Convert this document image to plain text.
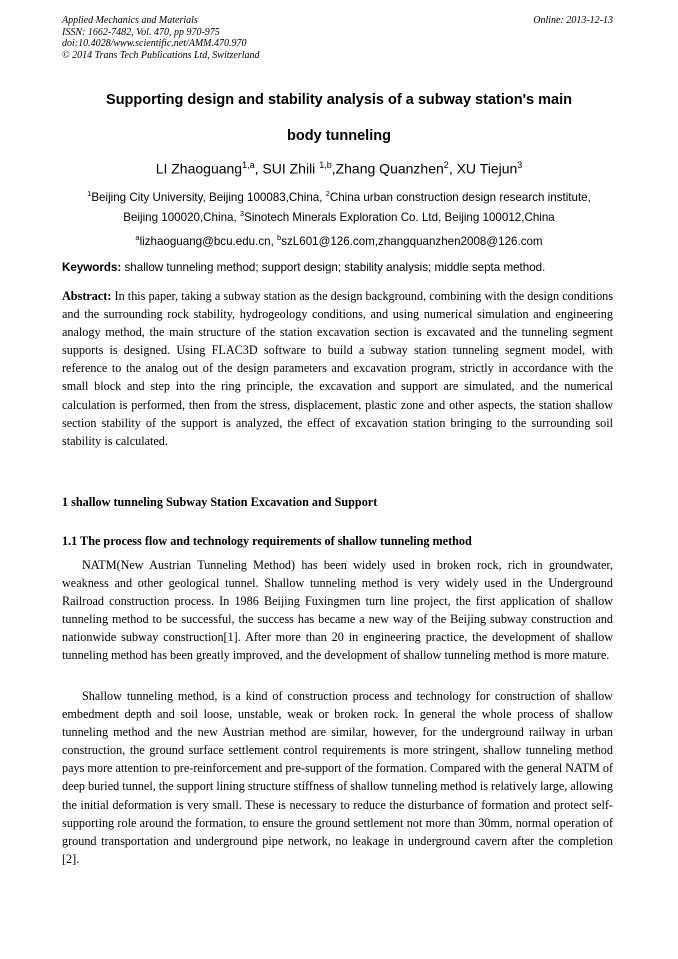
Applied Mechanics and Materials
ISSN: 1662-7482, Vol. 470, pp 970-975
doi:10.4028/www.scientific.net/AMM.470.970
© 2014 Trans Tech Publications Ltd, Switzerland
Online: 2013-12-13
Supporting design and stability analysis of a subway station's main
body tunneling
LI Zhaoguang$^{1,a}$, SUI Zhili $^{1,b}$,Zhang Quanzhen$^2$, XU Tiejun$^3$
$^1$Beijing City University, Beijing 100083,China, $^2$China urban construction design research institute,
Beijing 100020,China, $^3$Sinotech Minerals Exploration Co. Ltd, Beijing 100012,China
$^a$lizhaoguang@bcu.edu.cn, $^b$szL601@126.com,zhangquanzhen2008@126.com
Keywords: shallow tunneling method; support design; stability analysis; middle septa method.
Abstract: In this paper, taking a subway station as the design background, combining with the design conditions and the surrounding rock stability, hydrogeology conditions, and using numerical simulation and engineering analogy method, the main structure of the station excavation section is excavated and the tunneling segment supports is designed. Using FLAC3D software to build a subway station tunneling segment model, with reference to the analog out of the design parameters and excavation program, strictly in accordance with the small block and step into the ring principle, the excavation and support are simulated, and the numerical calculation is performed, then from the stress, displacement, plastic zone and other aspects, the station shallow section stability of the support is analyzed, the effect of excavation station bringing to the surrounding soil stability is calculated.
1 shallow tunneling Subway Station Excavation and Support
1.1 The process flow and technology requirements of shallow tunneling method
NATM(New Austrian Tunneling Method) has been widely used in broken rock, rich in groundwater, weakness and other geological tunnel. Shallow tunneling method is very widely used in the Underground Railroad construction process. In 1986 Beijing Fuxingmen turn line project, the first application of shallow tunneling method to be successful, the success has became a new way of the Beijing subway construction and nationwide subway construction[1]. After more than 20 in engineering practice, the development of shallow tunneling method has been greatly improved, and the development of shallow tunneling method is more mature.
Shallow tunneling method, is a kind of construction process and technology for construction of shallow embedment depth and soil loose, unstable, weak or broken rock. In general the whole process of shallow tunneling method and the new Austrian method are similar, however, for the underground railway in urban construction, the ground surface settlement control requirements is more stringent, shallow tunneling method pays more attention to pre-reinforcement and pre-support of the formation. Compared with the general NATM of deep buried tunnel, the support lining structure stiffness of shallow tunneling method is relatively large, allowing the initial deformation is very small. These is necessary to reduce the disturbance of formation and protect self-supporting role around the formation, to ensure the ground settlement not more than 30mm, normal operation of ground transportation and underground pipe network, no leakage in underground cavern after the completion [2].
